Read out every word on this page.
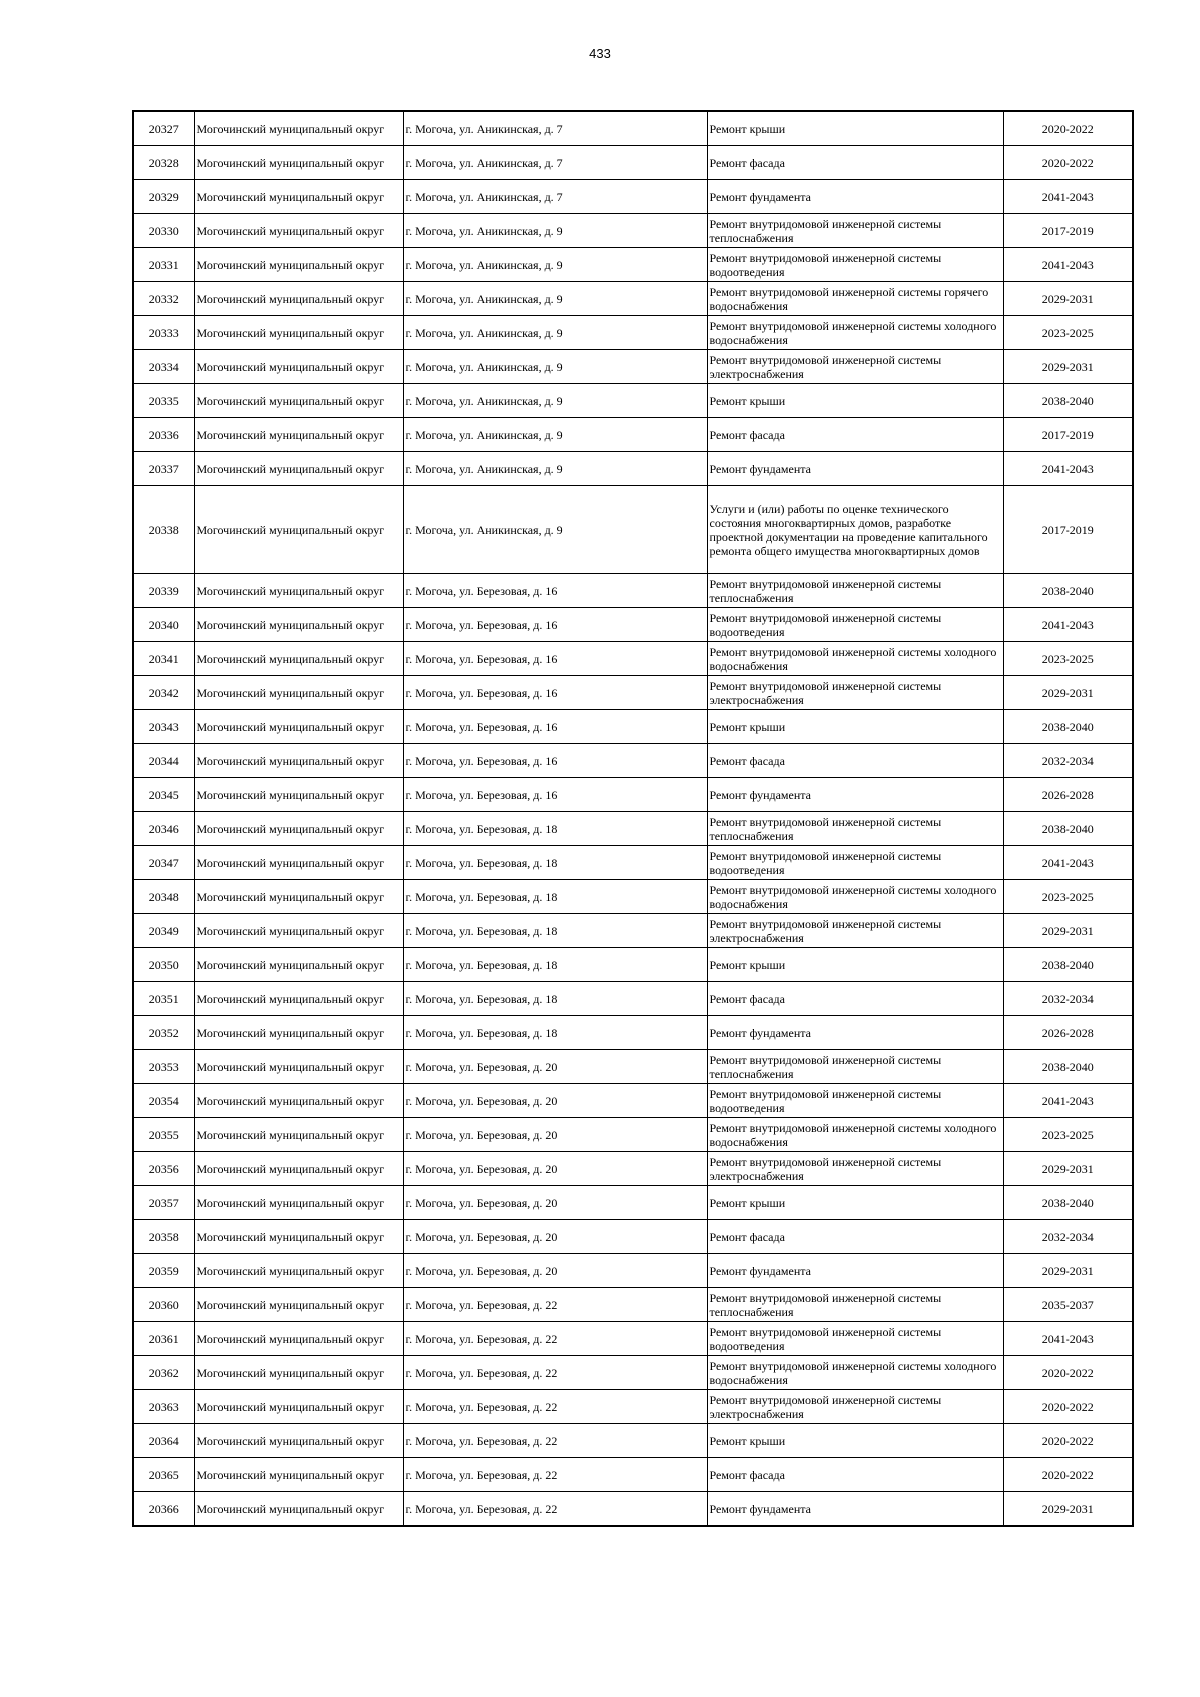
433
20327	Могочинский муниципальный округ	г. Могоча, ул. Аникинская, д. 7	Ремонт крыши	2020-2022
20328	Могочинский муниципальный округ	г. Могоча, ул. Аникинская, д. 7	Ремонт фасада	2020-2022
20329	Могочинский муниципальный округ	г. Могоча, ул. Аникинская, д. 7	Ремонт фундамента	2041-2043
20330	Могочинский муниципальный округ	г. Могоча, ул. Аникинская, д. 9	Ремонт внутридомовой инженерной системы теплоснабжения	2017-2019
20331	Могочинский муниципальный округ	г. Могоча, ул. Аникинская, д. 9	Ремонт внутридомовой инженерной системы водоотведения	2041-2043
20332	Могочинский муниципальный округ	г. Могоча, ул. Аникинская, д. 9	Ремонт внутридомовой инженерной системы горячего водоснабжения	2029-2031
20333	Могочинский муниципальный округ	г. Могоча, ул. Аникинская, д. 9	Ремонт внутридомовой инженерной системы холодного водоснабжения	2023-2025
20334	Могочинский муниципальный округ	г. Могоча, ул. Аникинская, д. 9	Ремонт внутридомовой инженерной системы электроснабжения	2029-2031
20335	Могочинский муниципальный округ	г. Могоча, ул. Аникинская, д. 9	Ремонт крыши	2038-2040
20336	Могочинский муниципальный округ	г. Могоча, ул. Аникинская, д. 9	Ремонт фасада	2017-2019
20337	Могочинский муниципальный округ	г. Могоча, ул. Аникинская, д. 9	Ремонт фундамента	2041-2043
20338	Могочинский муниципальный округ	г. Могоча, ул. Аникинская, д. 9	Услуги и (или) работы по оценке технического состояния многоквартирных домов, разработке проектной документации на проведение капитального ремонта общего имущества многоквартирных домов	2017-2019
20339	Могочинский муниципальный округ	г. Могоча, ул. Березовая, д. 16	Ремонт внутридомовой инженерной системы теплоснабжения	2038-2040
20340	Могочинский муниципальный округ	г. Могоча, ул. Березовая, д. 16	Ремонт внутридомовой инженерной системы водоотведения	2041-2043
20341	Могочинский муниципальный округ	г. Могоча, ул. Березовая, д. 16	Ремонт внутридомовой инженерной системы холодного водоснабжения	2023-2025
20342	Могочинский муниципальный округ	г. Могоча, ул. Березовая, д. 16	Ремонт внутридомовой инженерной системы электроснабжения	2029-2031
20343	Могочинский муниципальный округ	г. Могоча, ул. Березовая, д. 16	Ремонт крыши	2038-2040
20344	Могочинский муниципальный округ	г. Могоча, ул. Березовая, д. 16	Ремонт фасада	2032-2034
20345	Могочинский муниципальный округ	г. Могоча, ул. Березовая, д. 16	Ремонт фундамента	2026-2028
20346	Могочинский муниципальный округ	г. Могоча, ул. Березовая, д. 18	Ремонт внутридомовой инженерной системы теплоснабжения	2038-2040
20347	Могочинский муниципальный округ	г. Могоча, ул. Березовая, д. 18	Ремонт внутридомовой инженерной системы водоотведения	2041-2043
20348	Могочинский муниципальный округ	г. Могоча, ул. Березовая, д. 18	Ремонт внутридомовой инженерной системы холодного водоснабжения	2023-2025
20349	Могочинский муниципальный округ	г. Могоча, ул. Березовая, д. 18	Ремонт внутридомовой инженерной системы электроснабжения	2029-2031
20350	Могочинский муниципальный округ	г. Могоча, ул. Березовая, д. 18	Ремонт крыши	2038-2040
20351	Могочинский муниципальный округ	г. Могоча, ул. Березовая, д. 18	Ремонт фасада	2032-2034
20352	Могочинский муниципальный округ	г. Могоча, ул. Березовая, д. 18	Ремонт фундамента	2026-2028
20353	Могочинский муниципальный округ	г. Могоча, ул. Березовая, д. 20	Ремонт внутридомовой инженерной системы теплоснабжения	2038-2040
20354	Могочинский муниципальный округ	г. Могоча, ул. Березовая, д. 20	Ремонт внутридомовой инженерной системы водоотведения	2041-2043
20355	Могочинский муниципальный округ	г. Могоча, ул. Березовая, д. 20	Ремонт внутридомовой инженерной системы холодного водоснабжения	2023-2025
20356	Могочинский муниципальный округ	г. Могоча, ул. Березовая, д. 20	Ремонт внутридомовой инженерной системы электроснабжения	2029-2031
20357	Могочинский муниципальный округ	г. Могоча, ул. Березовая, д. 20	Ремонт крыши	2038-2040
20358	Могочинский муниципальный округ	г. Могоча, ул. Березовая, д. 20	Ремонт фасада	2032-2034
20359	Могочинский муниципальный округ	г. Могоча, ул. Березовая, д. 20	Ремонт фундамента	2029-2031
20360	Могочинский муниципальный округ	г. Могоча, ул. Березовая, д. 22	Ремонт внутридомовой инженерной системы теплоснабжения	2035-2037
20361	Могочинский муниципальный округ	г. Могоча, ул. Березовая, д. 22	Ремонт внутридомовой инженерной системы водоотведения	2041-2043
20362	Могочинский муниципальный округ	г. Могоча, ул. Березовая, д. 22	Ремонт внутридомовой инженерной системы холодного водоснабжения	2020-2022
20363	Могочинский муниципальный округ	г. Могоча, ул. Березовая, д. 22	Ремонт внутридомовой инженерной системы электроснабжения	2020-2022
20364	Могочинский муниципальный округ	г. Могоча, ул. Березовая, д. 22	Ремонт крыши	2020-2022
20365	Могочинский муниципальный округ	г. Могоча, ул. Березовая, д. 22	Ремонт фасада	2020-2022
20366	Могочинский муниципальный округ	г. Могоча, ул. Березовая, д. 22	Ремонт фундамента	2029-2031
